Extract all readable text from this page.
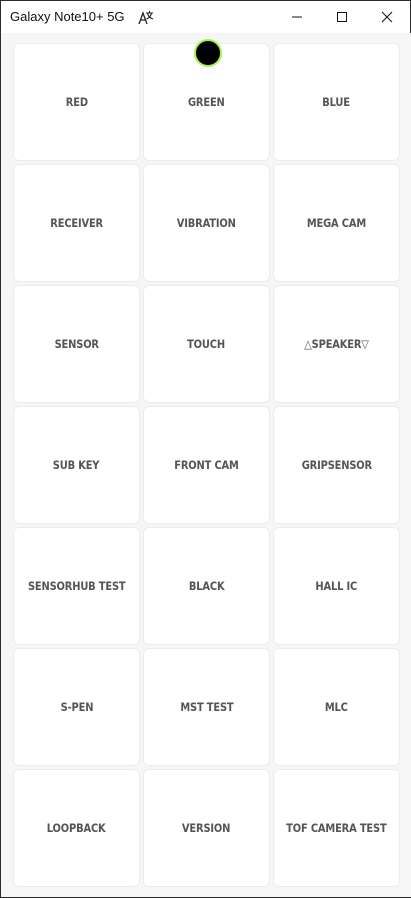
Galaxy Note10+ 5G
RED	GREEN	BLUE
RECEIVER	VIBRATION	MEGA CAM
SENSOR	TOUCH	△SPEAKER▽
SUB KEY	FRONT CAM	GRIPSENSOR
SENSORHUB TEST	BLACK	HALL IC
S-PEN	MST TEST	MLC
LOOPBACK	VERSION	TOF CAMERA TEST
